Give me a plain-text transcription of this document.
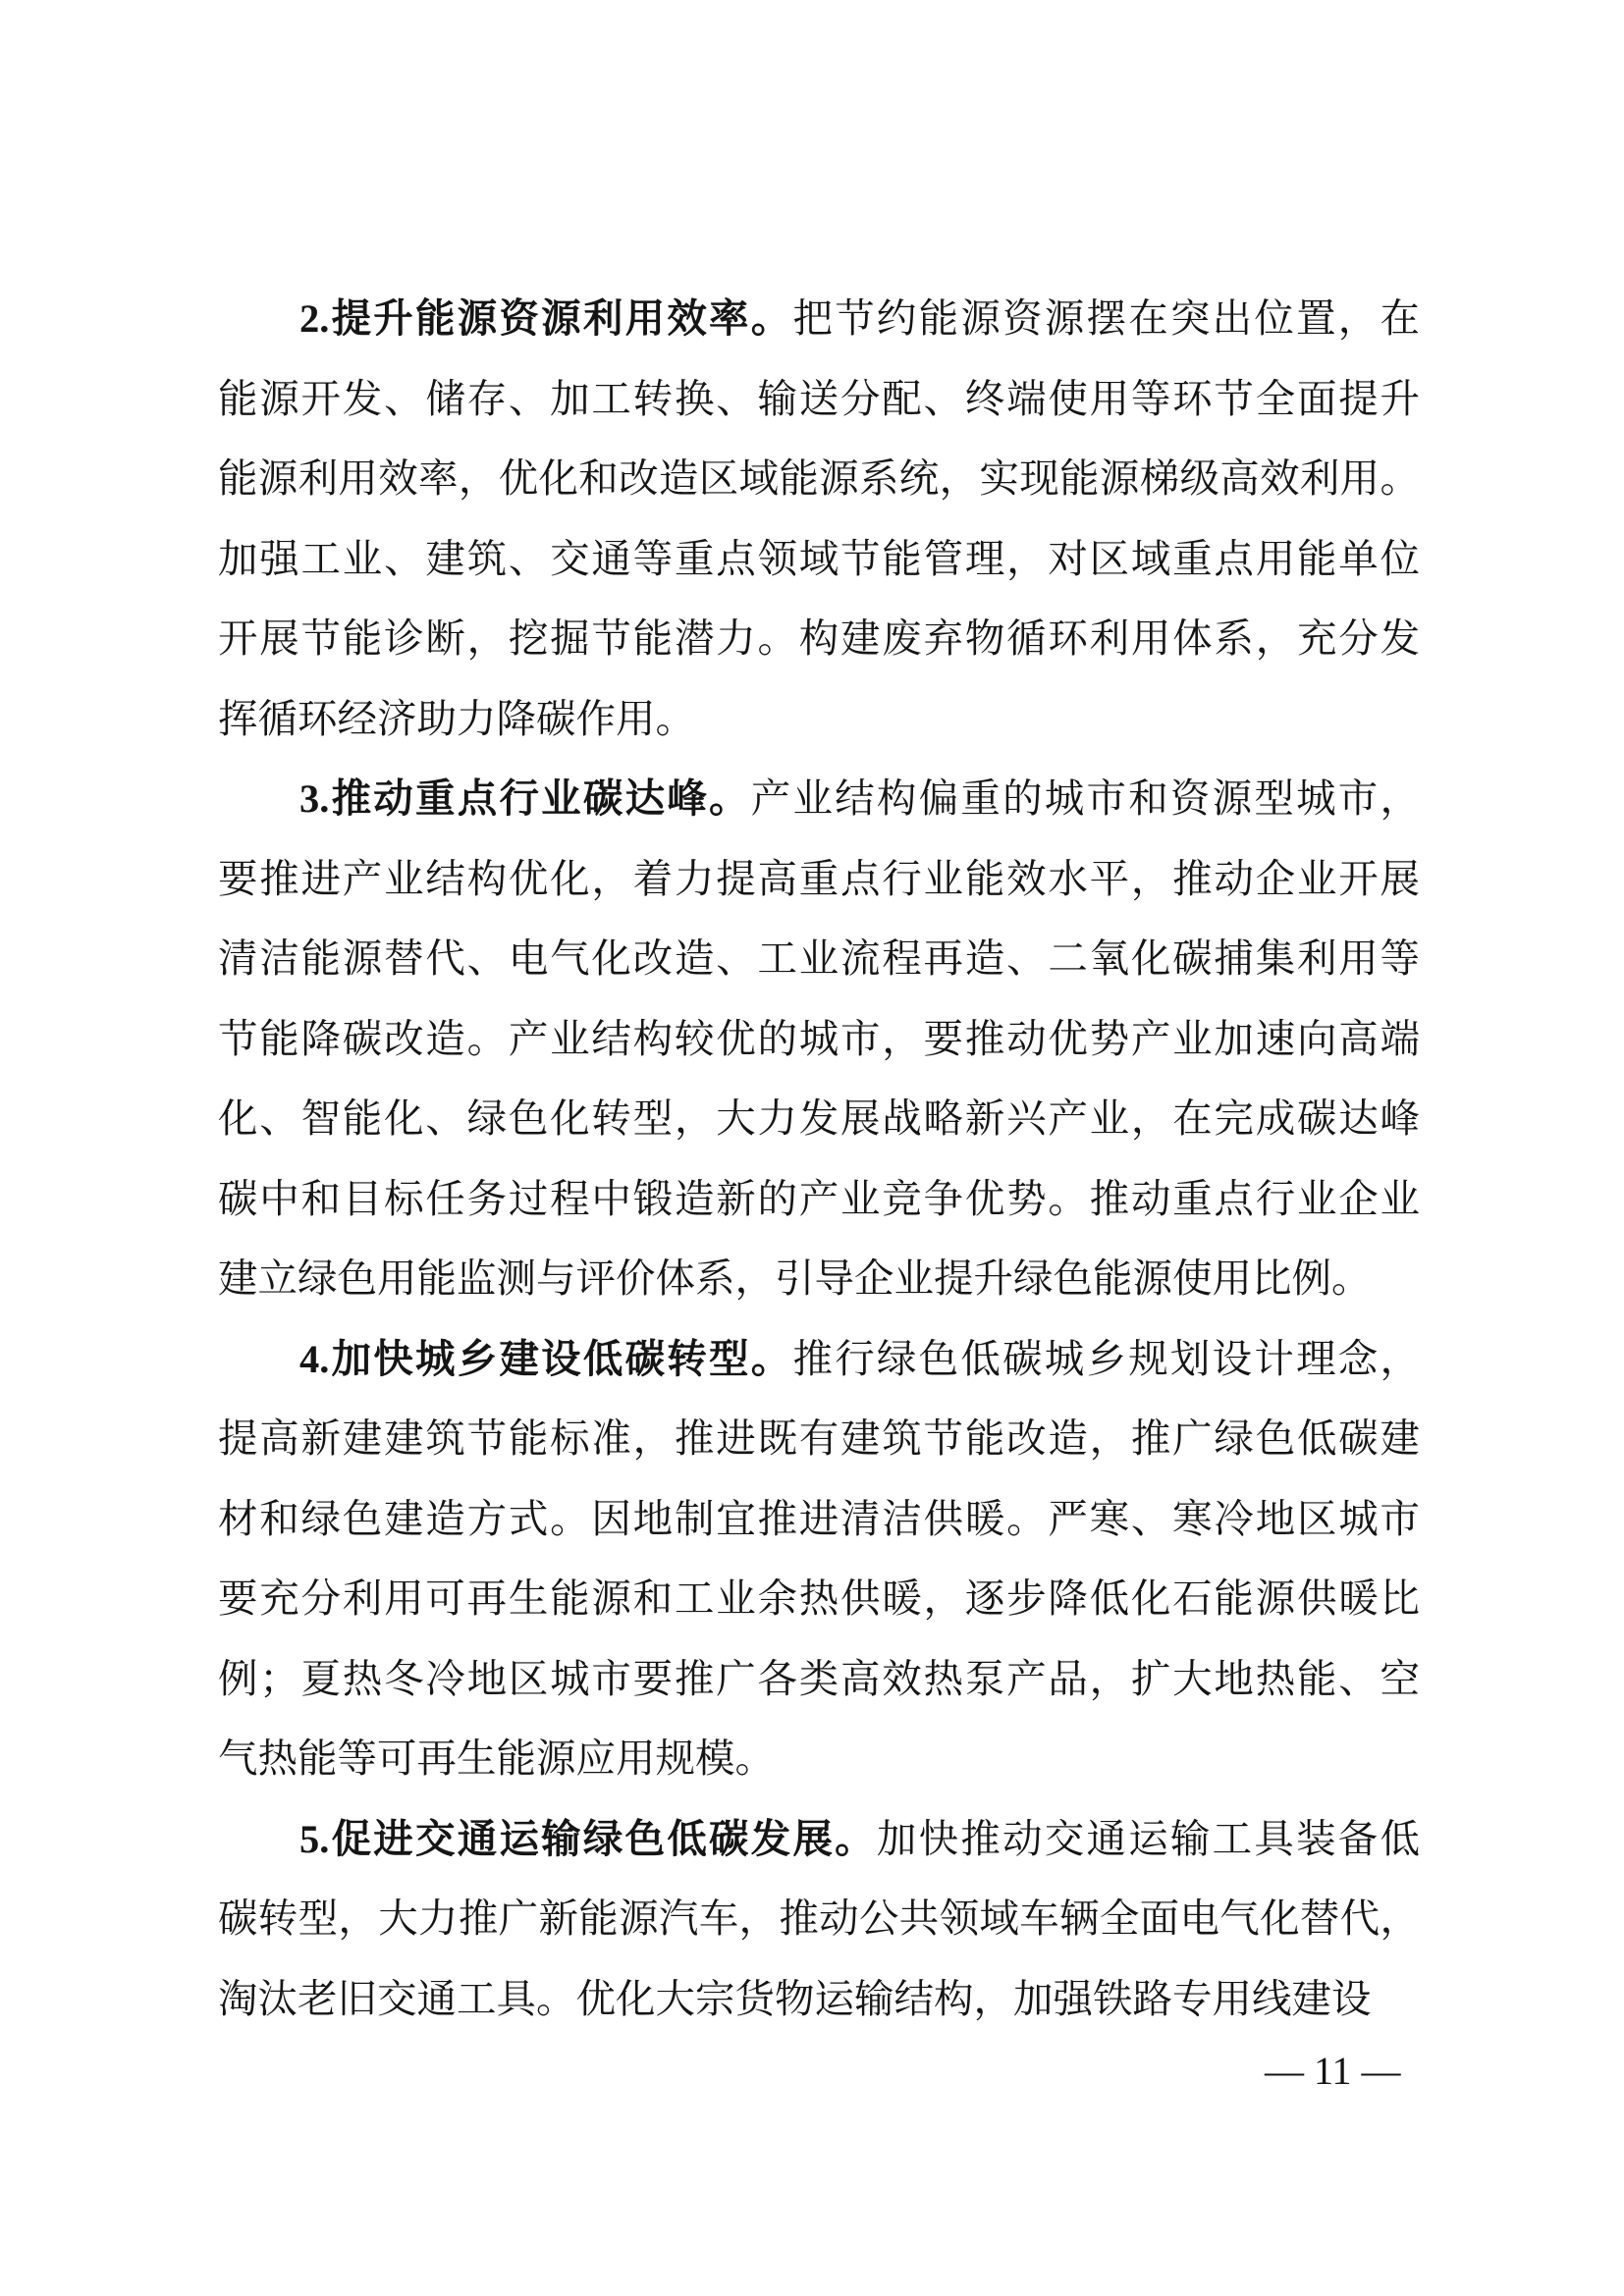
2.提升能源资源利用效率。把节约能源资源摆在突出位置，在
能源开发、储存、加工转换、输送分配、终端使用等环节全面提升
能源利用效率，优化和改造区域能源系统，实现能源梯级高效利用。
加强工业、建筑、交通等重点领域节能管理，对区域重点用能单位
开展节能诊断，挖掘节能潜力。构建废弃物循环利用体系，充分发
挥循环经济助力降碳作用。
3.推动重点行业碳达峰。产业结构偏重的城市和资源型城市，
要推进产业结构优化，着力提高重点行业能效水平，推动企业开展
清洁能源替代、电气化改造、工业流程再造、二氧化碳捕集利用等
节能降碳改造。产业结构较优的城市，要推动优势产业加速向高端
化、智能化、绿色化转型，大力发展战略新兴产业，在完成碳达峰
碳中和目标任务过程中锻造新的产业竞争优势。推动重点行业企业
建立绿色用能监测与评价体系，引导企业提升绿色能源使用比例。
4.加快城乡建设低碳转型。推行绿色低碳城乡规划设计理念，
提高新建建筑节能标准，推进既有建筑节能改造，推广绿色低碳建
材和绿色建造方式。因地制宜推进清洁供暖。严寒、寒冷地区城市
要充分利用可再生能源和工业余热供暖，逐步降低化石能源供暖比
例；夏热冬冷地区城市要推广各类高效热泵产品，扩大地热能、空
气热能等可再生能源应用规模。
5.促进交通运输绿色低碳发展。加快推动交通运输工具装备低
碳转型，大力推广新能源汽车，推动公共领域车辆全面电气化替代，
淘汰老旧交通工具。优化大宗货物运输结构，加强铁路专用线建设
— 11 —
